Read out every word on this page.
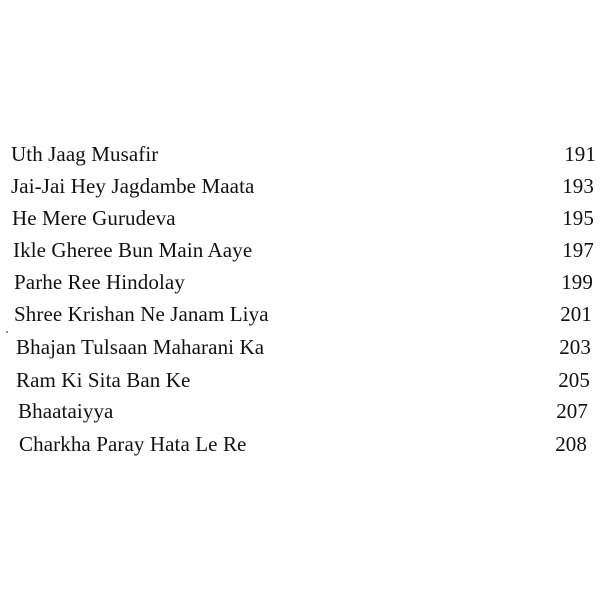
Uth Jaag Musafir	191
Jai-Jai Hey Jagdambe Maata	193
He Mere Gurudeva	195
Ikle Gheree Bun Main Aaye	197
Parhe Ree Hindolay	199
Shree Krishan Ne Janam Liya	201
Bhajan Tulsaan Maharani Ka	203
Ram Ki Sita Ban Ke	205
Bhaataiyya	207
Charkha Paray Hata Le Re	208
